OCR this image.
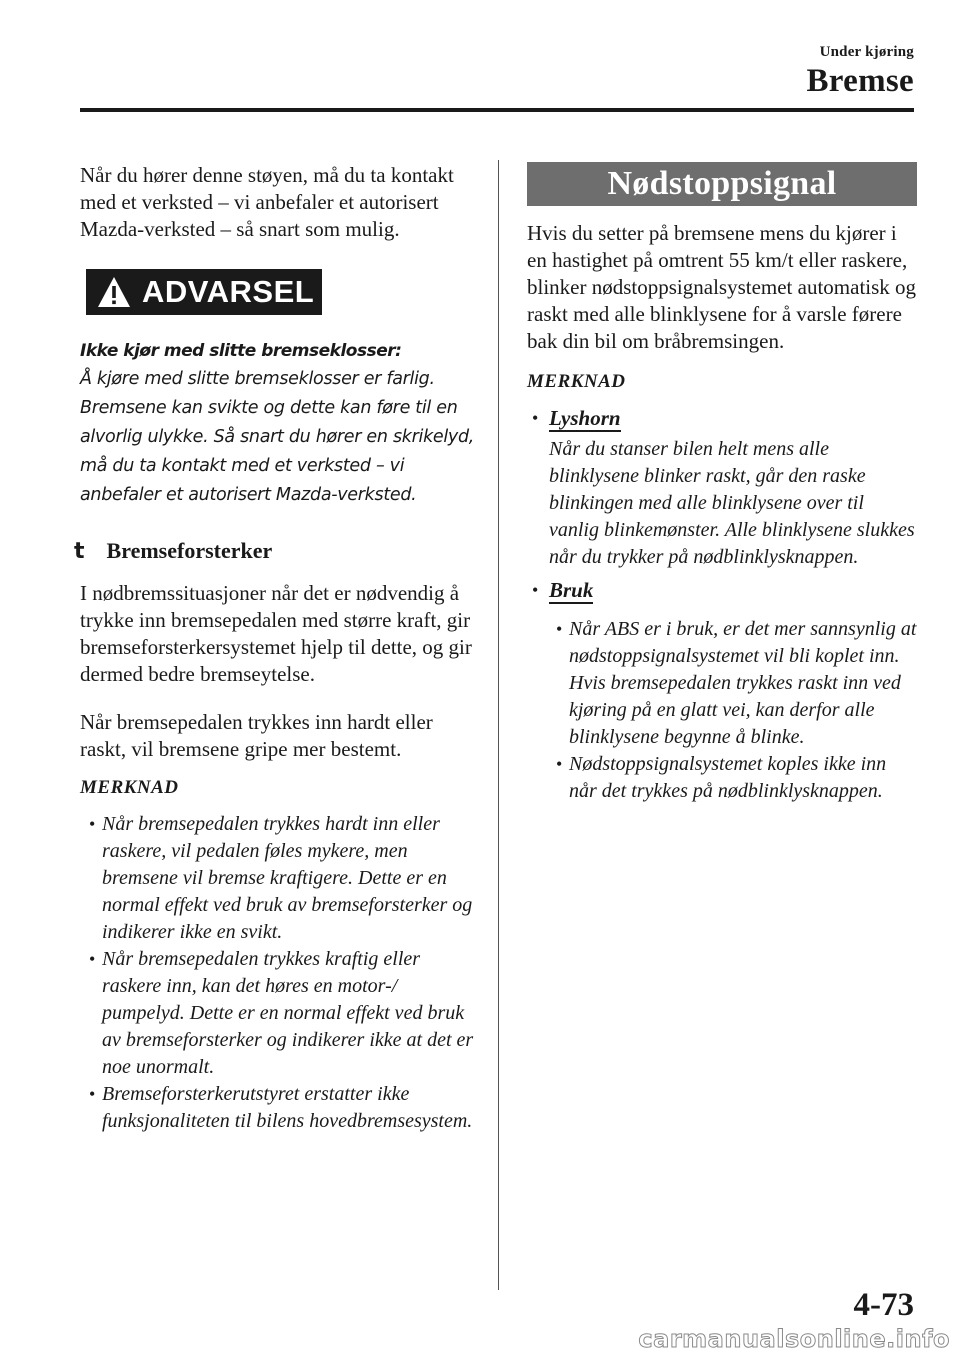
Under kjøring
Bremse

Når du hører denne støyen, må du ta kontakt med et verksted – vi anbefaler et autorisert Mazda-verksted – så snart som mulig.

ADVARSEL
Ikke kjør med slitte bremseklosser:

Å kjøre med slitte bremseklosser er farlig. Bremsene kan svikte og dette kan føre til en alvorlig ulykke. Så snart du hører en skrikelyd, må du ta kontakt med et verksted – vi anbefaler et autorisert Mazda-verksted.

t Bremseforsterker

I nødbremssituasjoner når det er nødvendig å trykke inn bremsepedalen med større kraft, gir bremseforsterkersystemet hjelp til dette, og gir dermed bedre bremseytelse.

Når bremsepedalen trykkes inn hardt eller raskt, vil bremsene gripe mer bestemt.

MERKNAD
• Når bremsepedalen trykkes hardt inn eller raskere, vil pedalen føles mykere, men bremsene vil bremse kraftigere. Dette er en normal effekt ved bruk av bremseforsterker og indikerer ikke en svikt.
• Når bremsepedalen trykkes kraftig eller raskere inn, kan det høres en motor-/ pumpelyd. Dette er en normal effekt ved bruk av bremseforsterker og indikerer ikke at det er noe unormalt.
• Bremseforsterkerutstyret erstatter ikke funksjonaliteten til bilens hovedbremsesystem.
Nødstoppsignal

Hvis du setter på bremsene mens du kjører i en hastighet på omtrent 55 km/t eller raskere, blinker nødstoppsignalsystemet automatisk og raskt med alle blinklysene for å varsle førere bak din bil om bråbremsingen.

MERKNAD
• Lyshorn

Når du stanser bilen helt mens alle blinklysene blinker raskt, går den raske blinkingen med alle blinklysene over til vanlig blinkemønster. Alle blinklysene slukkes når du trykker på nødblinklysknappen.

• Bruk
• Når ABS er i bruk, er det mer sannsynlig at nødstoppsignalsystemet vil bli koplet inn. Hvis bremsepedalen trykkes raskt inn ved kjøring på en glatt vei, kan derfor alle blinklysene begynne å blinke.
• Nødstoppsignalsystemet koples ikke inn når det trykkes på nødblinklysknappen.
4-73
carmanualsonline.info
